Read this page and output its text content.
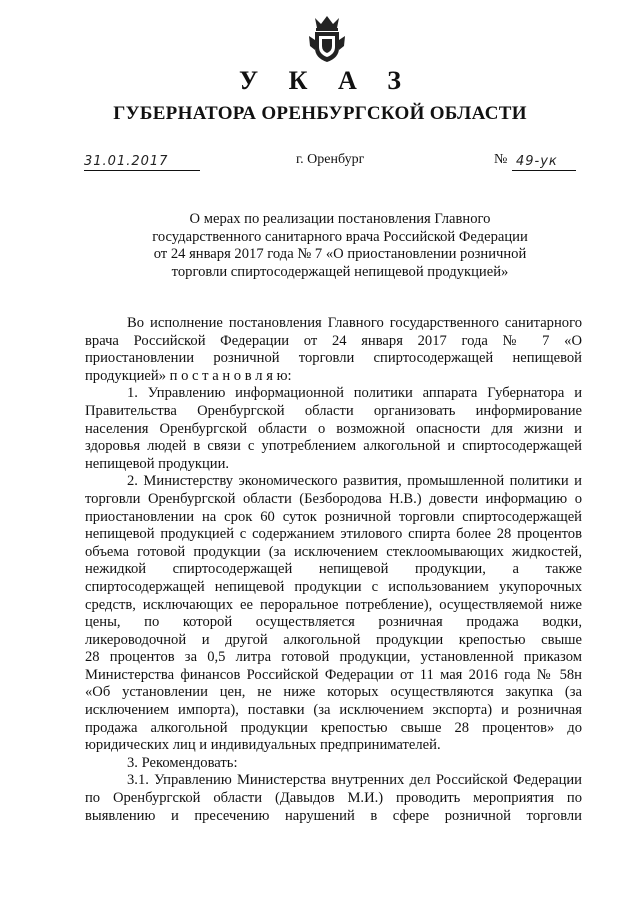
У К А З
ГУБЕРНАТОРА ОРЕНБУРГСКОЙ ОБЛАСТИ
31.01.2017	г. Оренбург	№ 49-ук
О мерах по реализации постановления Главного
государственного санитарного врача Российской Федерации
от 24 января 2017 года № 7 «О приостановлении розничной
торговли спиртосодержащей непищевой продукцией»
Во исполнение постановления Главного государственного санитарного
врача Российской Федерации от 24 января 2017 года № 7 «О
приостановлении розничной торговли спиртосодержащей непищевой
продукцией» п о с т а н о в л я ю:
1. Управлению информационной политики аппарата Губернатора и
Правительства Оренбургской области организовать информирование
населения Оренбургской области о возможной опасности для жизни и
здоровья людей в связи с употреблением алкогольной и спиртосодержащей
непищевой продукции.
2. Министерству экономического развития, промышленной политики и
торговли Оренбургской области (Безбородова Н.В.) довести информацию о
приостановлении на срок 60 суток розничной торговли спиртосодержащей
непищевой продукцией с содержанием этилового спирта более 28 процентов
объема готовой продукции (за исключением стеклоомывающих жидкостей,
нежидкой спиртосодержащей непищевой продукции, а также
спиртосодержащей непищевой продукции с использованием укупорочных
средств, исключающих ее пероральное потребление), осуществляемой ниже
цены, по которой осуществляется розничная продажа водки,
ликероводочной и другой алкогольной продукции крепостью свыше
28 процентов за 0,5 литра готовой продукции, установленной приказом
Министерства финансов Российской Федерации от 11 мая 2016 года № 58н
«Об установлении цен, не ниже которых осуществляются закупка (за
исключением импорта), поставки (за исключением экспорта) и розничная
продажа алкогольной продукции крепостью свыше 28 процентов» до
юридических лиц и индивидуальных предпринимателей.
3. Рекомендовать:
3.1. Управлению Министерства внутренних дел Российской Федерации
по Оренбургской области (Давыдов М.И.) проводить мероприятия по
выявлению и пресечению нарушений в сфере розничной торговли
